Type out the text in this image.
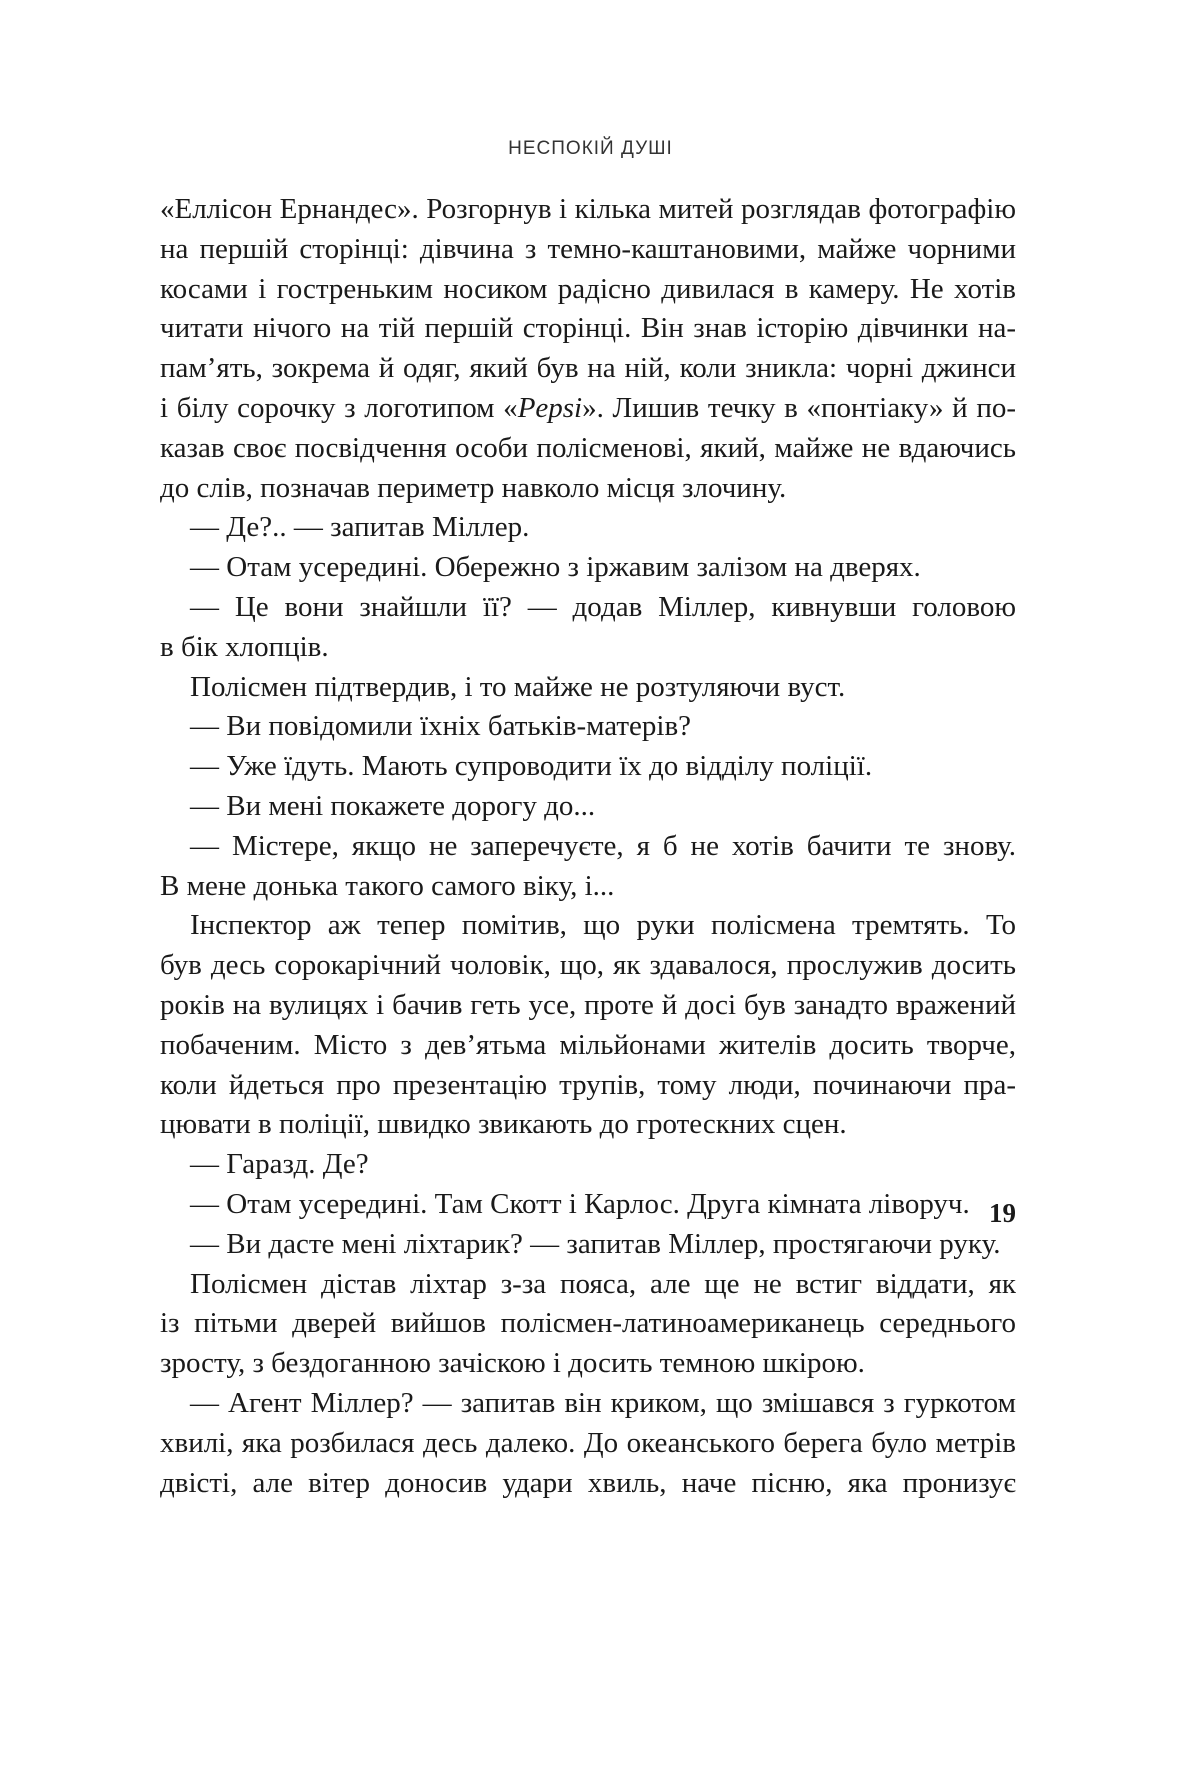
НЕСПОКІЙ ДУШІ
«Еллісон Ернандес». Розгорнув і кілька митей розглядав фотографію
на першій сторінці: дівчина з темно-каштановими, майже чорними
косами і гостреньким носиком радісно дивилася в камеру. Не хотів
читати нічого на тій першій сторінці. Він знав історію дівчинки на-
пам’ять, зокрема й одяг, який був на ній, коли зникла: чорні джинси
і білу сорочку з логотипом «Pepsi». Лишив течку в «понтіаку» й по-
казав своє посвідчення особи полісменові, який, майже не вдаючись
до слів, позначав периметр навколо місця злочину.
— Де?.. — запитав Міллер.
— Отам усередині. Обережно з іржавим залізом на дверях.
— Це вони знайшли її? — додав Міллер, кивнувши головою
в бік хлопців.
Полісмен підтвердив, і то майже не розтуляючи вуст.
— Ви повідомили їхніх батьків-матерів?
— Уже їдуть. Мають супроводити їх до відділу поліції.
— Ви мені покажете дорогу до...
— Містере, якщо не заперечуєте, я б не хотів бачити те знову.
В мене донька такого самого віку, і...
Інспектор аж тепер помітив, що руки полісмена тремтять. То
був десь сорокарічний чоловік, що, як здавалося, прослужив досить
років на вулицях і бачив геть усе, проте й досі був занадто вражений
побаченим. Місто з дев’ятьма мільйонами жителів досить творче,
коли йдеться про презентацію трупів, тому люди, починаючи пра-
цювати в поліції, швидко звикають до гротескних сцен.
— Гаразд. Де?
— Отам усередині. Там Скотт і Карлос. Друга кімната ліворуч.
— Ви дасте мені ліхтарик? — запитав Міллер, простягаючи руку.
Полісмен дістав ліхтар з-за пояса, але ще не встиг віддати, як
із пітьми дверей вийшов полісмен-латиноамериканець середнього
зросту, з бездоганною зачіскою і досить темною шкірою.
— Агент Міллер? — запитав він криком, що змішався з гуркотом
хвилі, яка розбилася десь далеко. До океанського берега було метрів
двісті, але вітер доносив удари хвиль, наче пісню, яка пронизує
19
